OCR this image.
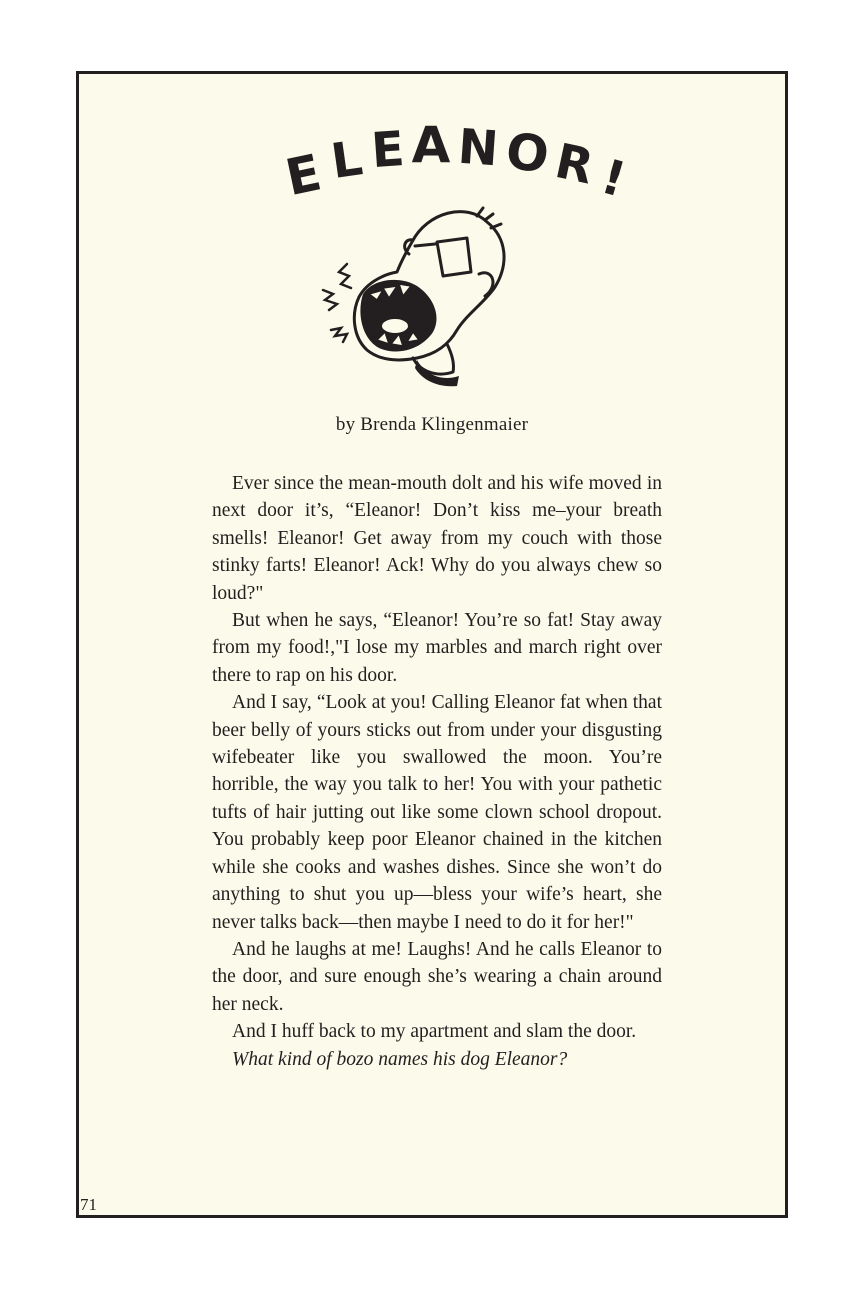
E L E A N O
R
!
by Brenda Klingenmaier

Ever since the mean-mouth dolt and his wife moved in next door it’s, “Eleanor! Don’t kiss me–your breath smells! Eleanor! Get away from my couch with those stinky farts! Eleanor! Ack! Why do you always chew so loud?"

But when he says, “Eleanor! You’re so fat! Stay away from my food!,"I lose my marbles and march right over there to rap on his door.

And I say, “Look at you! Calling Eleanor fat when that beer belly of yours sticks out from under your disgusting wifebeater like you swallowed the moon. You’re horrible, the way you talk to her! You with your pathetic tufts of hair jutting out like some clown school dropout. You probably keep poor Eleanor chained in the kitchen while she cooks and washes dishes. Since she won’t do anything to shut you up—bless your wife’s heart, she never talks back—then maybe I need to do it for her!"

And he laughs at me! Laughs! And he calls Eleanor to the door, and sure enough she’s wearing a chain around her neck.

And I huff back to my apartment and slam the door.

What kind of bozo names his dog Eleanor?

71
